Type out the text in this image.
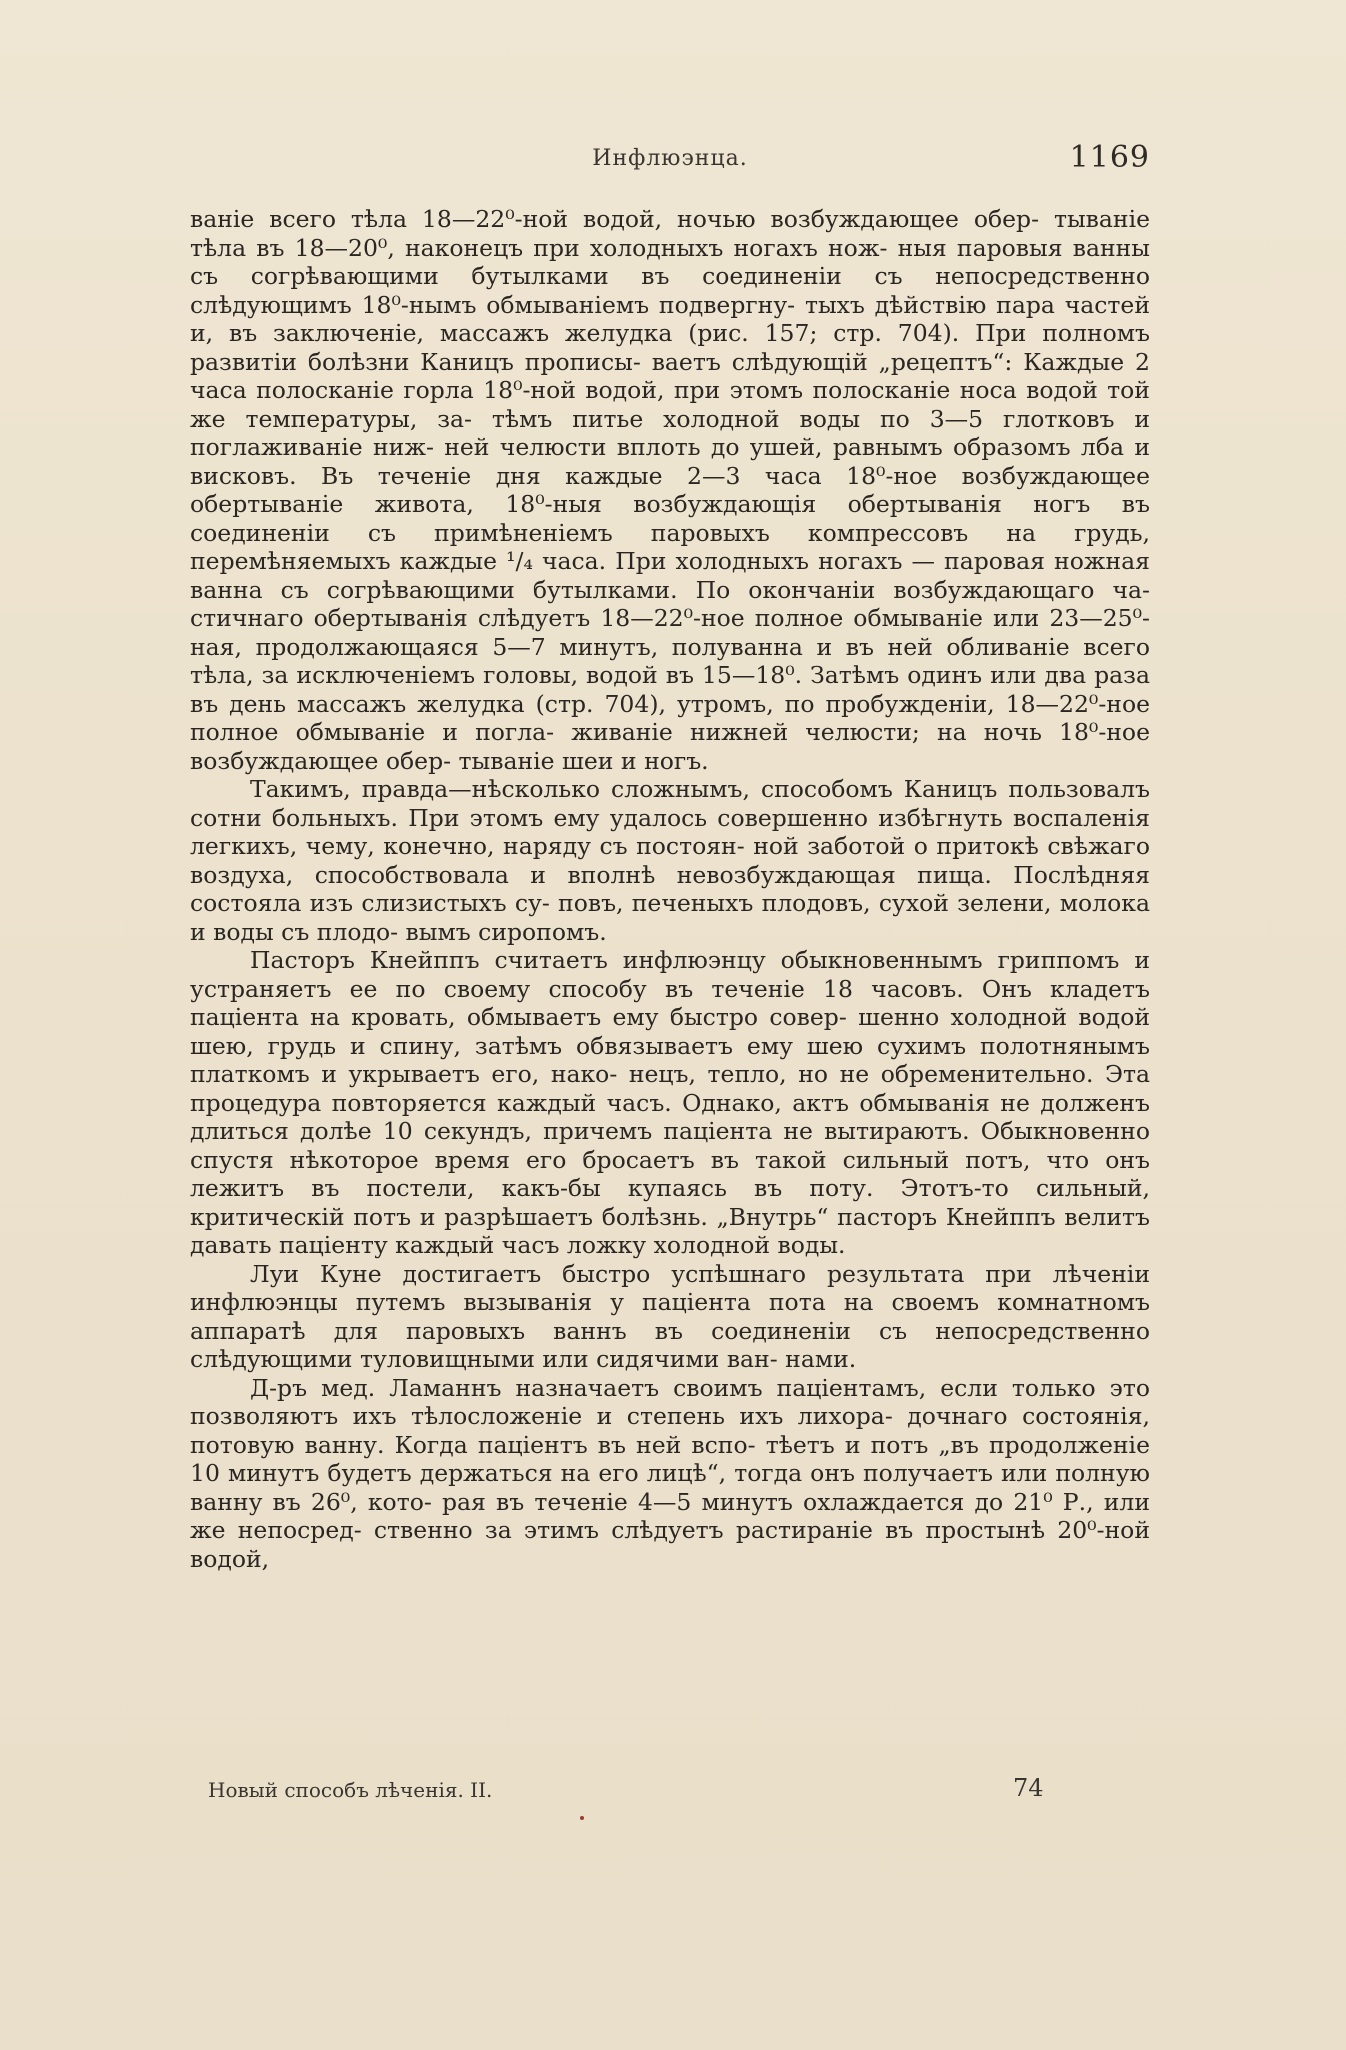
Инфлюэнца.	1169

ваніе всего тѣла 18—22⁰-ной водой, ночью возбуждающее обер- тываніе тѣла въ 18—20⁰, наконецъ при холодныхъ ногахъ нож- ныя паровыя ванны съ согрѣвающими бутылками въ соединеніи съ непосредственно слѣдующимъ 18⁰-нымъ обмываніемъ подвергну- тыхъ дѣйствію пара частей и, въ заключеніе, массажъ желудка (рис. 157; стр. 704). При полномъ развитіи болѣзни Каницъ прописы- ваетъ слѣдующій „рецептъ“: Каждые 2 часа полосканіе горла 18⁰-ной водой, при этомъ полосканіе носа водой той же температуры, за- тѣмъ питье холодной воды по 3—5 глотковъ и поглаживаніе ниж- ней челюсти вплоть до ушей, равнымъ образомъ лба и висковъ. Въ теченіе дня каждые 2—3 часа 18⁰-ное возбуждающее обертываніе живота, 18⁰-ныя возбуждающія обертыванія ногъ въ соединеніи съ примѣненіемъ паровыхъ компрессовъ на грудь, перемѣняемыхъ каждые ¹/₄ часа. При холодныхъ ногахъ — паровая ножная ванна съ согрѣвающими бутылками. По окончаніи возбуждающаго ча- стичнаго обертыванія слѣдуетъ 18—22⁰-ное полное обмываніе или 23—25⁰-ная, продолжающаяся 5—7 минутъ, полуванна и въ ней обливаніе всего тѣла, за исключеніемъ головы, водой въ 15—18⁰. Затѣмъ одинъ или два раза въ день массажъ желудка (стр. 704), утромъ, по пробужденіи, 18—22⁰-ное полное обмываніе и погла- живаніе нижней челюсти; на ночь 18⁰-ное возбуждающее обер- тываніе шеи и ногъ.

Такимъ, правда—нѣсколько сложнымъ, способомъ Каницъ пользовалъ сотни больныхъ. При этомъ ему удалось совершенно избѣгнуть воспаленія легкихъ, чему, конечно, наряду съ постоян- ной заботой о притокѣ свѣжаго воздуха, способствовала и вполнѣ невозбуждающая пища. Послѣдняя состояла изъ слизистыхъ су- повъ, печеныхъ плодовъ, сухой зелени, молока и воды съ плодо- вымъ сиропомъ.

Пасторъ Кнейппъ считаетъ инфлюэнцу обыкновеннымъ гриппомъ и устраняетъ ее по своему способу въ теченіе 18 часовъ. Онъ кладетъ паціента на кровать, обмываетъ ему быстро совер- шенно холодной водой шею, грудь и спину, затѣмъ обвязываетъ ему шею сухимъ полотнянымъ платкомъ и укрываетъ его, нако- нецъ, тепло, но не обременительно. Эта процедура повторяется каждый часъ. Однако, актъ обмыванія не долженъ длиться долѣе 10 секундъ, причемъ паціента не вытираютъ. Обыкновенно спустя нѣкоторое время его бросаетъ въ такой сильный потъ, что онъ лежитъ въ постели, какъ-бы купаясь въ поту. Этотъ-то сильный, критическій потъ и разрѣшаетъ болѣзнь. „Внутрь“ пасторъ Кнейппъ велитъ давать паціенту каждый часъ ложку холодной воды.

Луи Куне достигаетъ быстро успѣшнаго результата при лѣченіи инфлюэнцы путемъ вызыванія у паціента пота на своемъ комнатномъ аппаратѣ для паровыхъ ваннъ въ соединеніи съ непосредственно слѣдующими туловищными или сидячими ван- нами.

Д-ръ мед. Ламаннъ назначаетъ своимъ паціентамъ, если только это позволяютъ ихъ тѣлосложеніе и степень ихъ лихора- дочнаго состоянія, потовую ванну. Когда паціентъ въ ней вспо- тѣетъ и потъ „въ продолженіе 10 минутъ будетъ держаться на его лицѣ“, тогда онъ получаетъ или полную ванну въ 26⁰, кото- рая въ теченіе 4—5 минутъ охлаждается до 21⁰ Р., или же непосред- ственно за этимъ слѣдуетъ растираніе въ простынѣ 20⁰-ной водой,

Новый способъ лѣченія. II.	74
